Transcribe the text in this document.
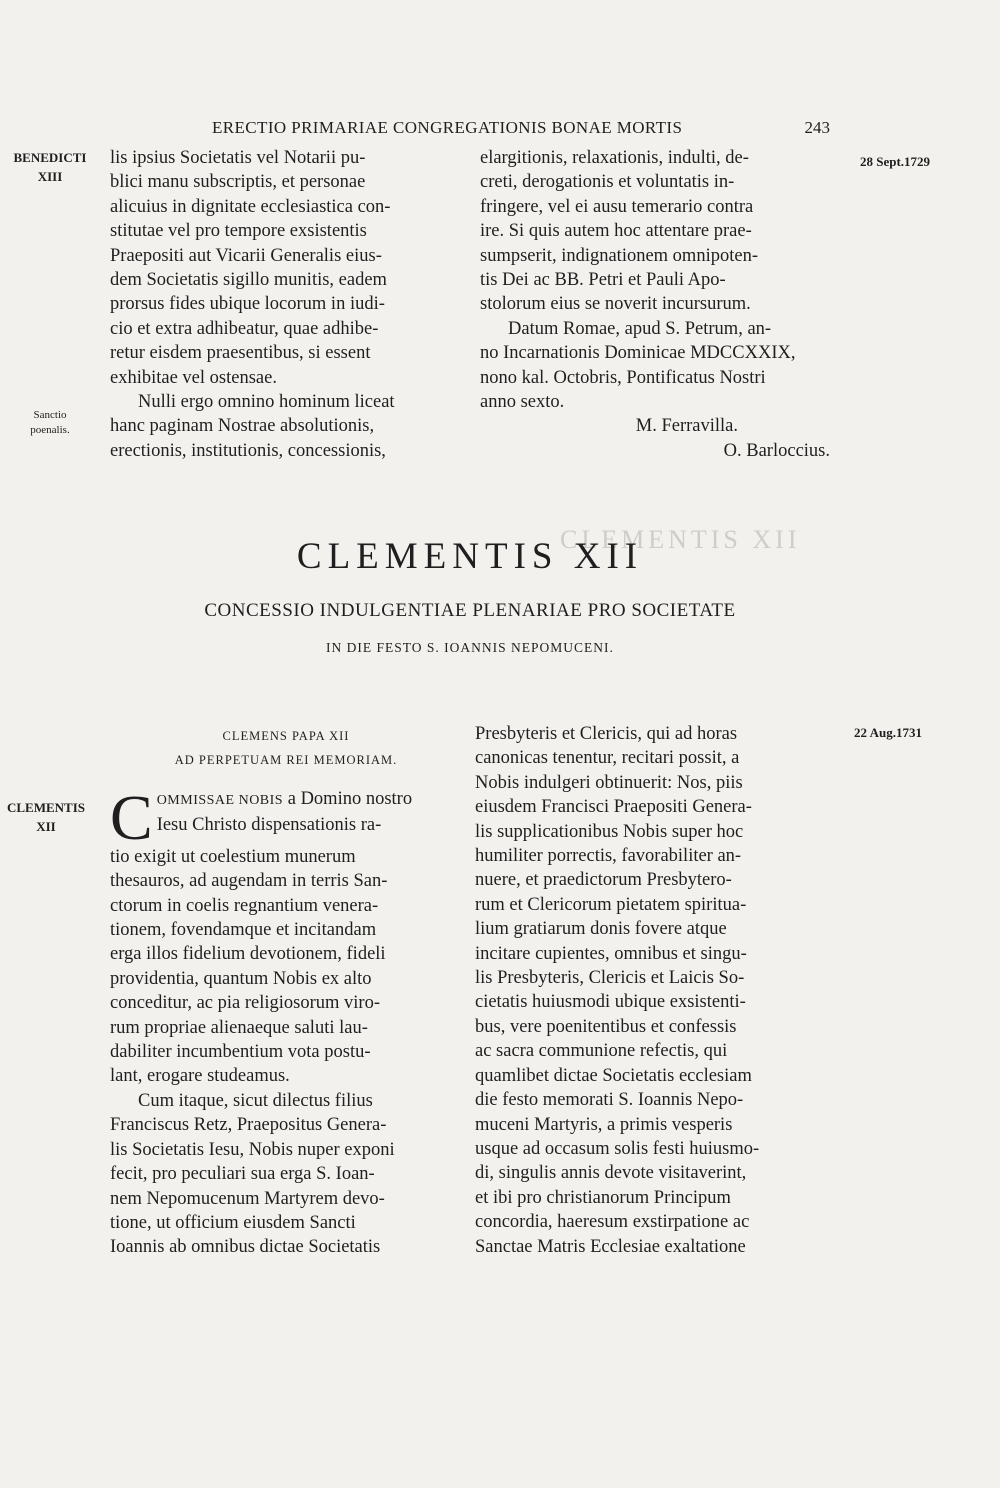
CLEMENTIS XII
ERECTIO PRIMARIAE CONGREGATIONIS BONAE MORTIS	243
BENEDICTI
XIII
28 Sept.1729
Sanctio
poenalis.
CLEMENTIS
XII
22 Aug.1731

lis ipsius Societatis vel Notarii pu-

blici manu subscriptis, et personae

alicuius in dignitate ecclesiastica con-

stitutae vel pro tempore exsistentis

Praepositi aut Vicarii Generalis eius-

dem Societatis sigillo munitis, eadem

prorsus fides ubique locorum in iudi-

cio et extra adhibeatur, quae adhibe-

retur eisdem praesentibus, si essent

exhibitae vel ostensae.

Nulli ergo omnino hominum liceat

hanc paginam Nostrae absolutionis,

erectionis, institutionis, concessionis,

elargitionis, relaxationis, indulti, de-

creti, derogationis et voluntatis in-

fringere, vel ei ausu temerario contra

ire. Si quis autem hoc attentare prae-

sumpserit, indignationem omnipoten-

tis Dei ac BB. Petri et Pauli Apo-

stolorum eius se noverit incursurum.

Datum Romae, apud S. Petrum, an-

no Incarnationis Dominicae MDCCXXIX,

nono kal. Octobris, Pontificatus Nostri

anno sexto.

M. Ferravilla.

O. Barloccius.

CLEMENTIS XII
CONCESSIO INDULGENTIAE PLENARIAE PRO SOCIETATE
IN DIE FESTO S. IOANNIS NEPOMUCENI.
CLEMENS PAPA XII
AD PERPETUAM REI MEMORIAM.
C OMMISSAE NOBIS a Domino nostro

Iesu Christo dispensationis ra-

tio exigit ut coelestium munerum

thesauros, ad augendam in terris San-

ctorum in coelis regnantium venera-

tionem, fovendamque et incitandam

erga illos fidelium devotionem, fideli

providentia, quantum Nobis ex alto

conceditur, ac pia religiosorum viro-

rum propriae alienaeque saluti lau-

dabiliter incumbentium vota postu-

lant, erogare studeamus.

Cum itaque, sicut dilectus filius

Franciscus Retz, Praepositus Genera-

lis Societatis Iesu, Nobis nuper exponi

fecit, pro peculiari sua erga S. Ioan-

nem Nepomucenum Martyrem devo-

tione, ut officium eiusdem Sancti

Ioannis ab omnibus dictae Societatis

Presbyteris et Clericis, qui ad horas

canonicas tenentur, recitari possit, a

Nobis indulgeri obtinuerit: Nos, piis

eiusdem Francisci Praepositi Genera-

lis supplicationibus Nobis super hoc

humiliter porrectis, favorabiliter an-

nuere, et praedictorum Presbytero-

rum et Clericorum pietatem spiritua-

lium gratiarum donis fovere atque

incitare cupientes, omnibus et singu-

lis Presbyteris, Clericis et Laicis So-

cietatis huiusmodi ubique exsistenti-

bus, vere poenitentibus et confessis

ac sacra communione refectis, qui

quamlibet dictae Societatis ecclesiam

die festo memorati S. Ioannis Nepo-

muceni Martyris, a primis vesperis

usque ad occasum solis festi huiusmo-

di, singulis annis devote visitaverint,

et ibi pro christianorum Principum

concordia, haeresum exstirpatione ac

Sanctae Matris Ecclesiae exaltatione
